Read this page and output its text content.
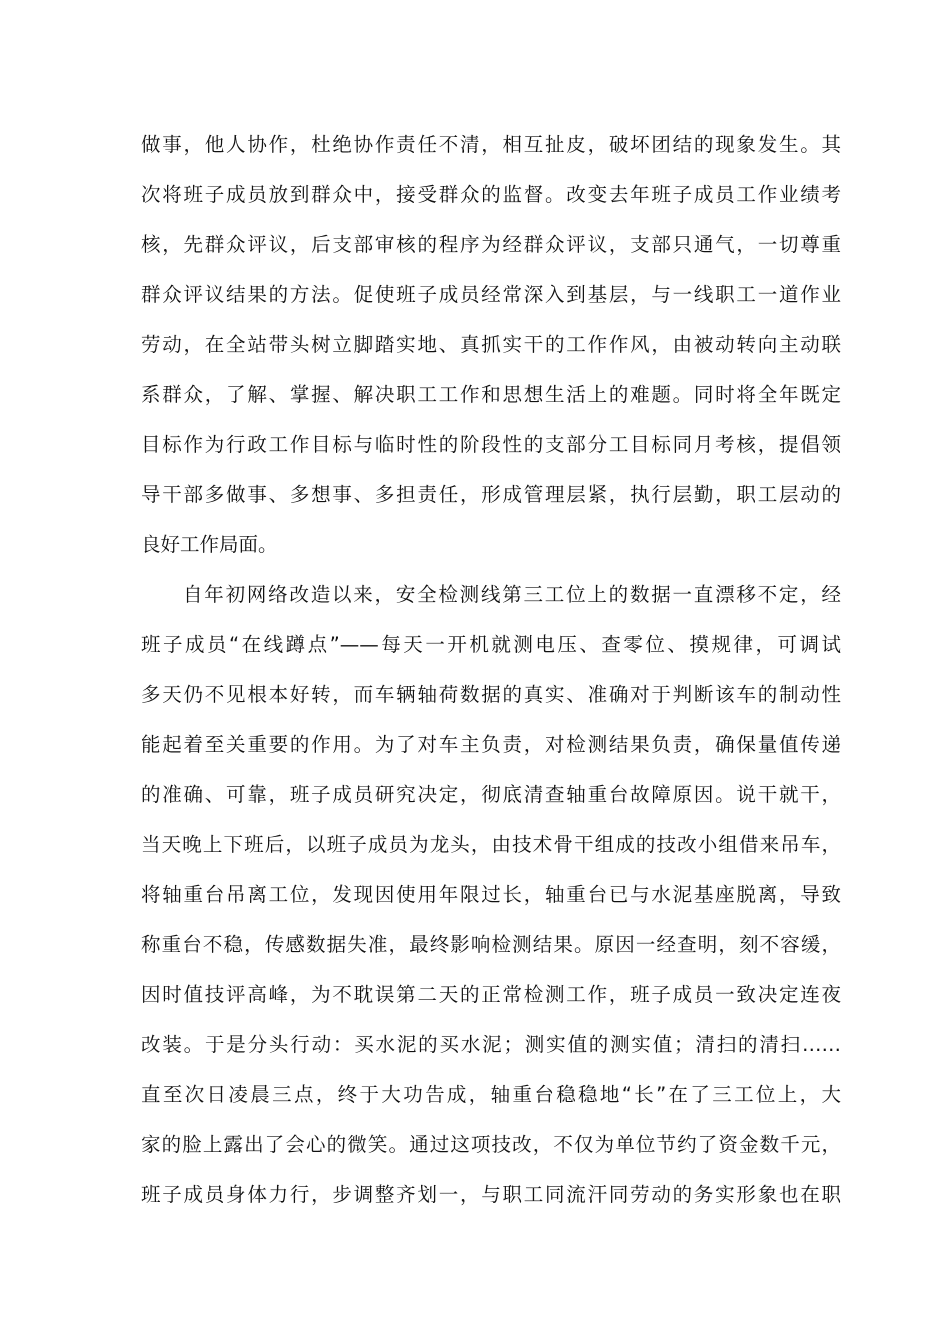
做事，他人协作，杜绝协作责任不清，相互扯皮，破坏团结的现象发生。其
次将班子成员放到群众中，接受群众的监督。改变去年班子成员工作业绩考
核，先群众评议，后支部审核的程序为经群众评议，支部只通气，一切尊重
群众评议结果的方法。促使班子成员经常深入到基层，与一线职工一道作业
劳动，在全站带头树立脚踏实地、真抓实干的工作作风，由被动转向主动联
系群众，了解、掌握、解决职工工作和思想生活上的难题。同时将全年既定
目标作为行政工作目标与临时性的阶段性的支部分工目标同月考核，提倡领
导干部多做事、多想事、多担责任，形成管理层紧，执行层勤，职工层动的
良好工作局面。
自年初网络改造以来，安全检测线第三工位上的数据一直漂移不定，经
班子成员“在线蹲点”——每天一开机就测电压、查零位、摸规律，可调试
多天仍不见根本好转，而车辆轴荷数据的真实、准确对于判断该车的制动性
能起着至关重要的作用。为了对车主负责，对检测结果负责，确保量值传递
的准确、可靠，班子成员研究决定，彻底清查轴重台故障原因。说干就干，
当天晚上下班后，以班子成员为龙头，由技术骨干组成的技改小组借来吊车，
将轴重台吊离工位，发现因使用年限过长，轴重台已与水泥基座脱离，导致
称重台不稳，传感数据失准，最终影响检测结果。原因一经查明，刻不容缓，
因时值技评高峰，为不耽误第二天的正常检测工作，班子成员一致决定连夜
改装。于是分头行动：买水泥的买水泥；测实值的测实值；清扫的清扫……
直至次日凌晨三点，终于大功告成，轴重台稳稳地“长”在了三工位上，大
家的脸上露出了会心的微笑。通过这项技改，不仅为单位节约了资金数千元，
班子成员身体力行，步调整齐划一，与职工同流汗同劳动的务实形象也在职
